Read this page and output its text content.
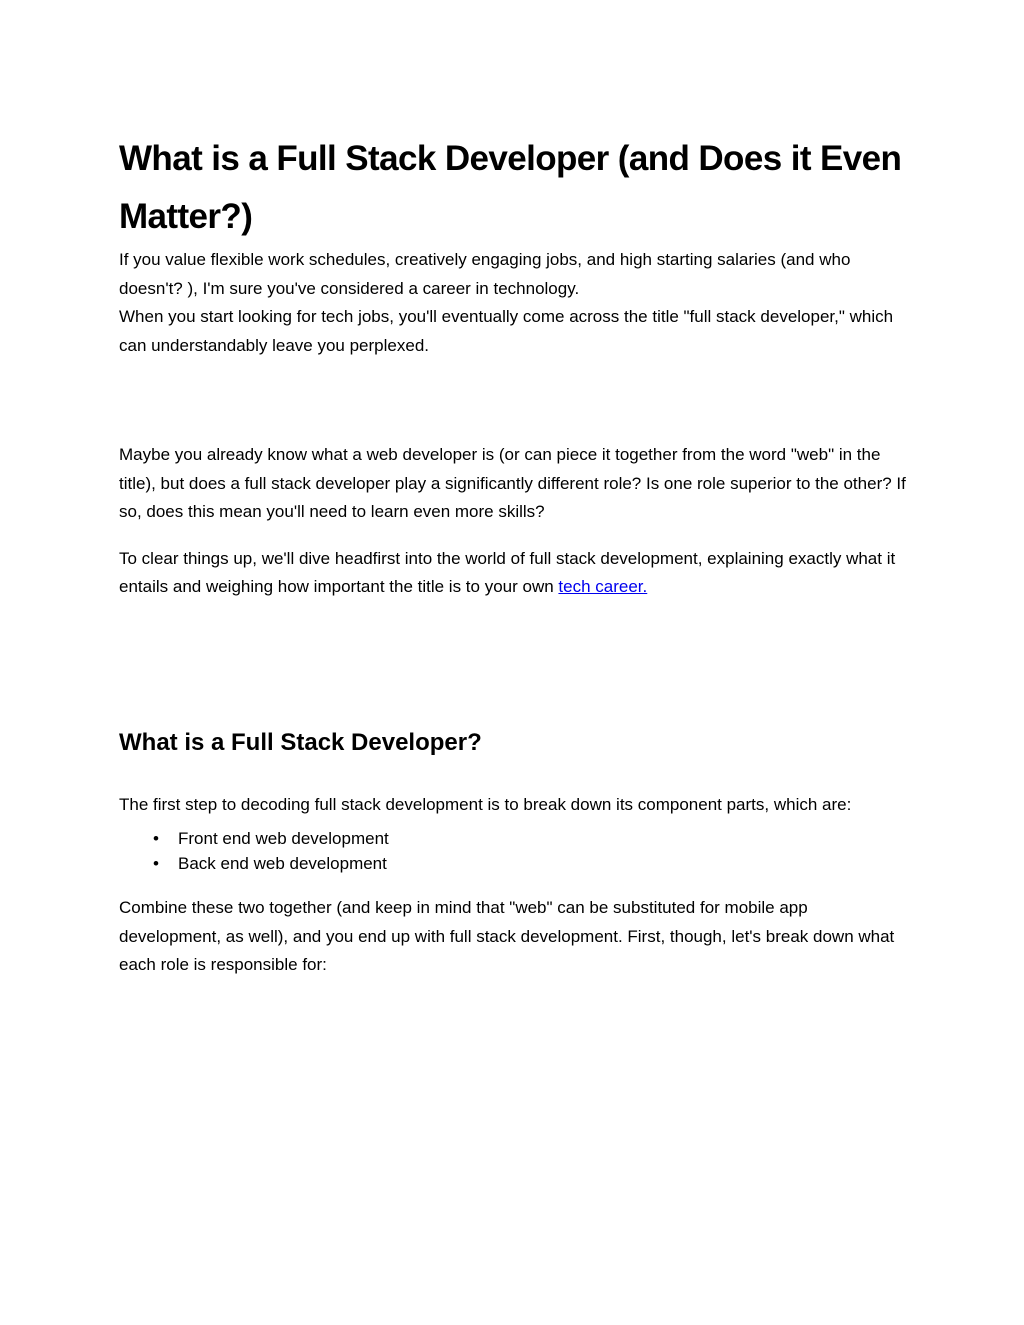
What is a Full Stack Developer (and Does it Even Matter?)

If you value flexible work schedules, creatively engaging jobs, and high starting salaries (and who doesn't? ), I'm sure you've considered a career in technology.
When you start looking for tech jobs, you'll eventually come across the title "full stack developer," which can understandably leave you perplexed.

Maybe you already know what a web developer is (or can piece it together from the word "web" in the title), but does a full stack developer play a significantly different role? Is one role superior to the other? If so, does this mean you'll need to learn even more skills?

To clear things up, we'll dive headfirst into the world of full stack development, explaining exactly what it entails and weighing how important the title is to your own tech career.

What is a Full Stack Developer?

The first step to decoding full stack development is to break down its component parts, which are:

• Front end web development
• Back end web development

Combine these two together (and keep in mind that "web" can be substituted for mobile app development, as well), and you end up with full stack development. First, though, let's break down what each role is responsible for:
